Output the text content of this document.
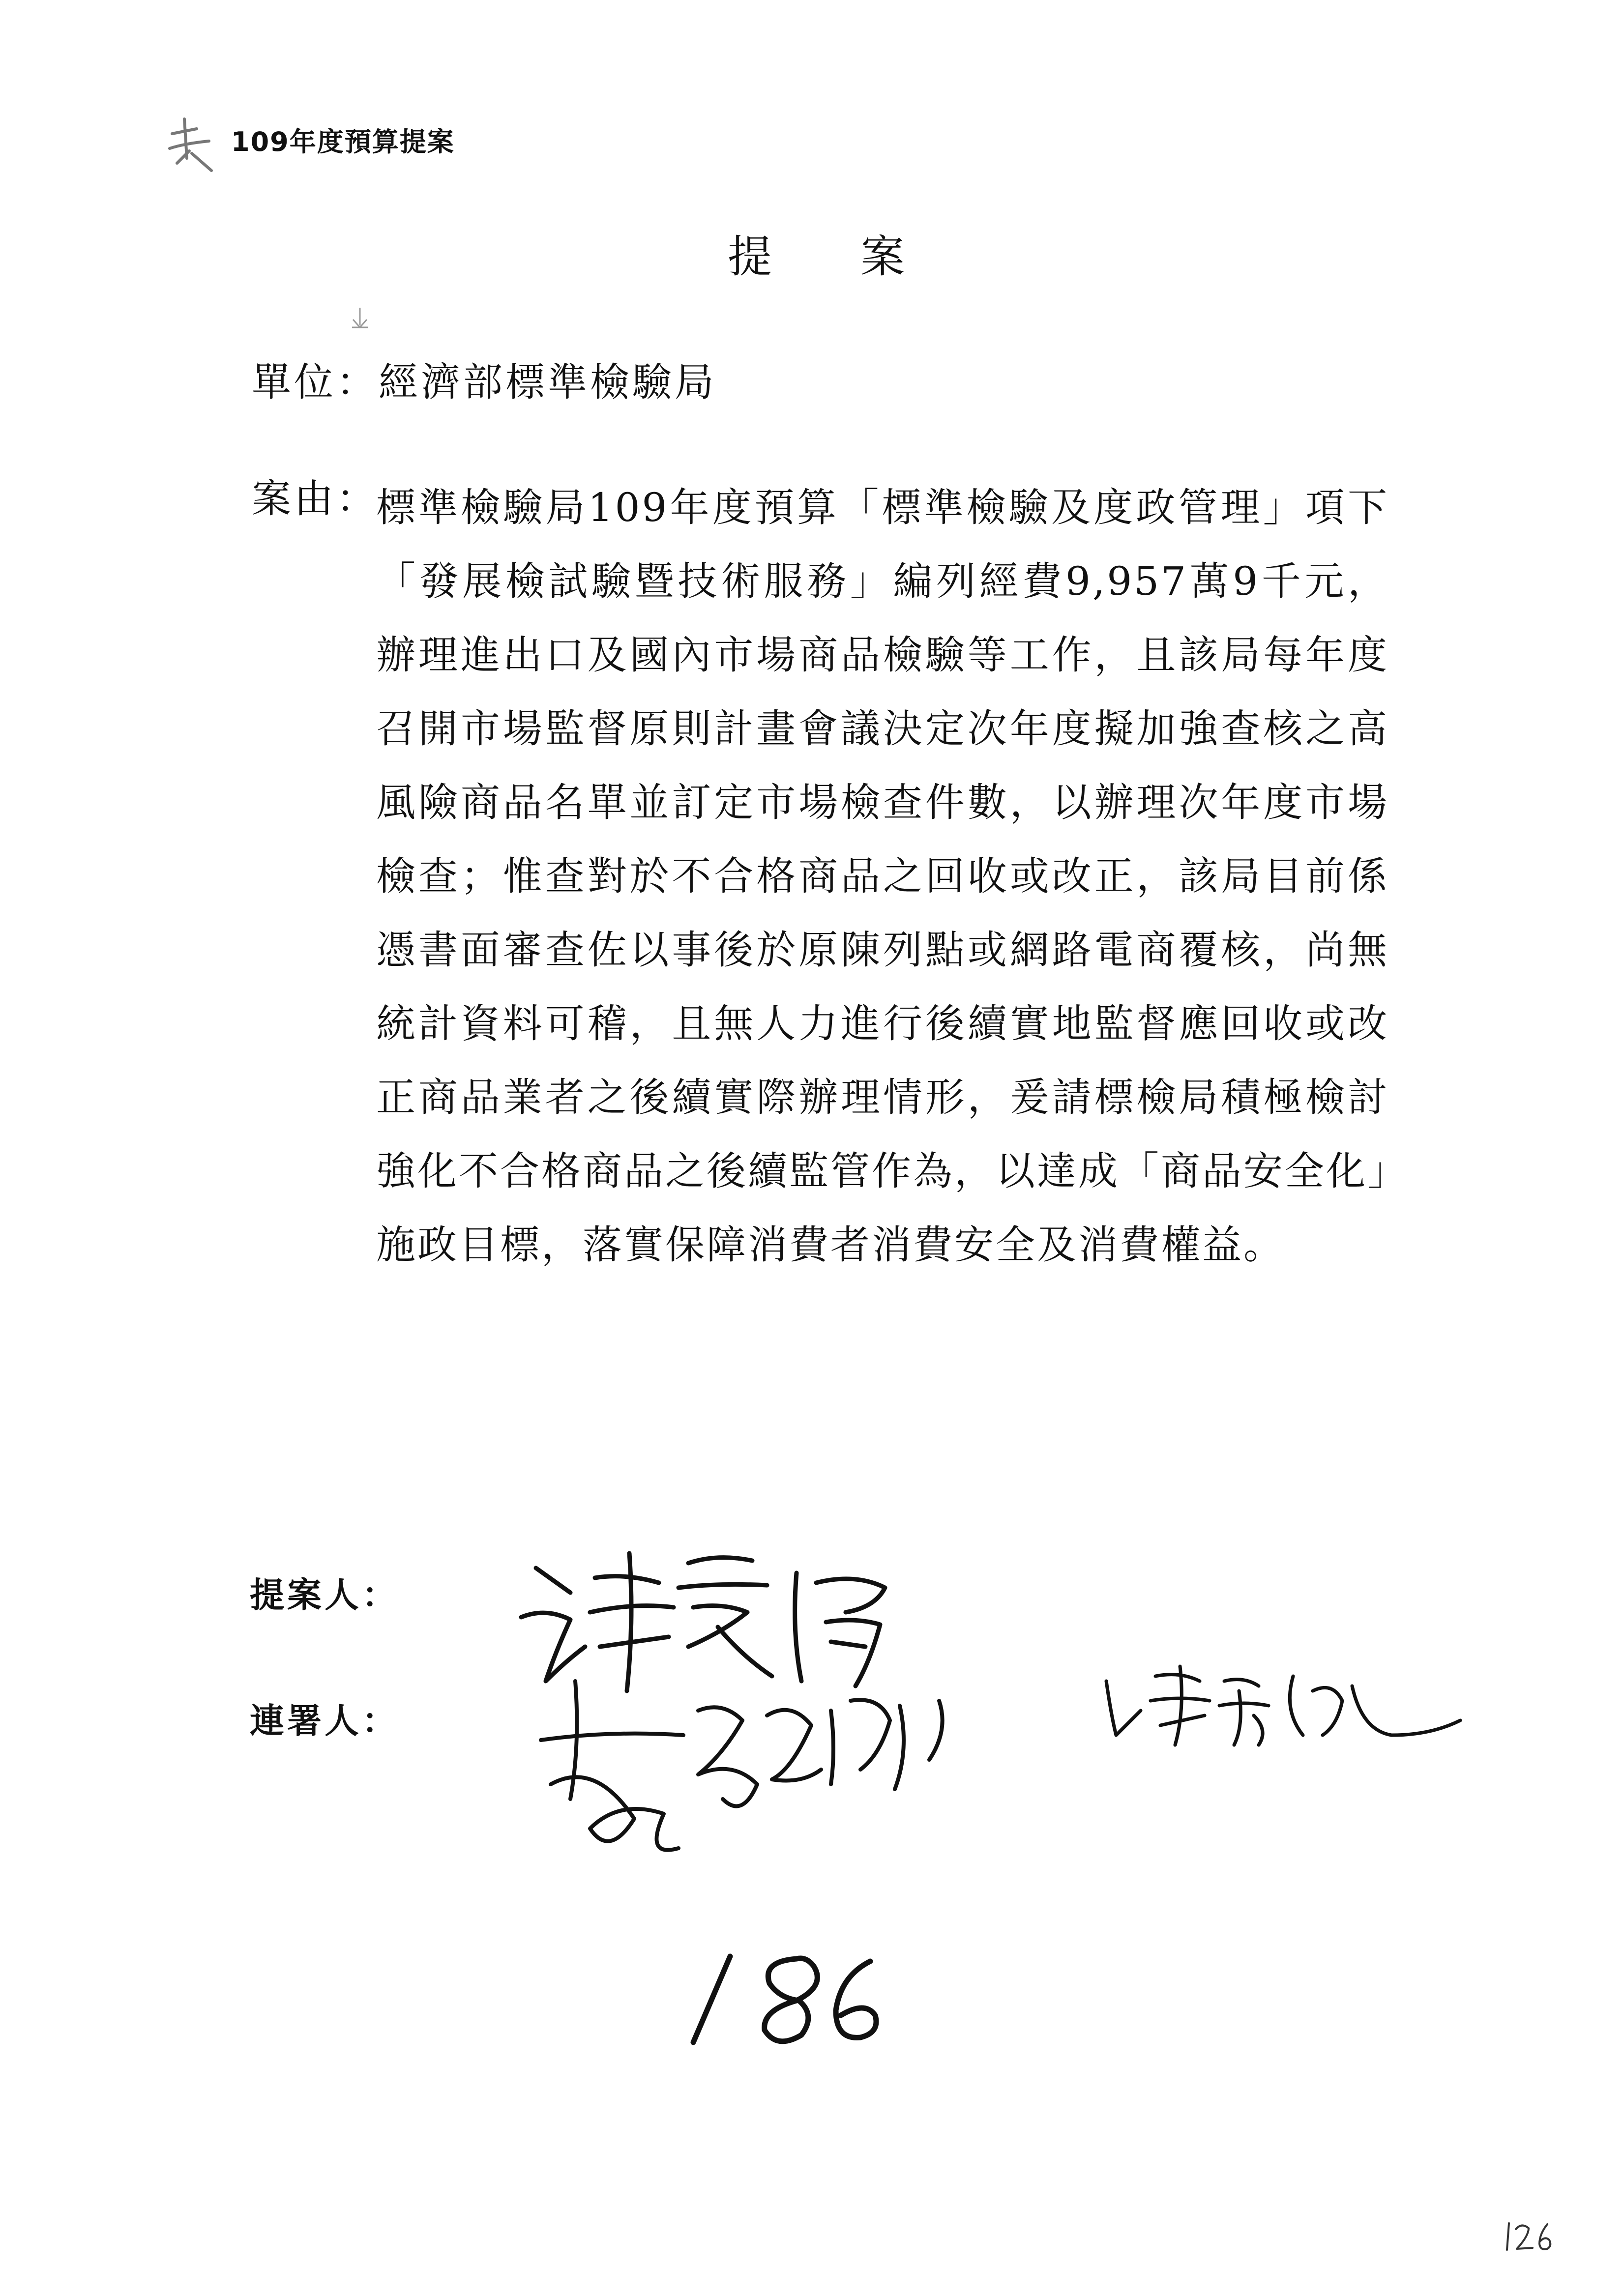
109年度預算提案
提案
單位：經濟部標準檢驗局
案由：
標準檢驗局109年度預算「標準檢驗及度政管理」項下「發展檢試驗暨技術服務」編列經費9,957萬9千元，辦理進出口及國內市場商品檢驗等工作，且該局每年度召開市場監督原則計畫會議決定次年度擬加強查核之高風險商品名單並訂定市場檢查件數，以辦理次年度市場檢查；惟查對於不合格商品之回收或改正，該局目前係憑書面審查佐以事後於原陳列點或網路電商覆核，尚無統計資料可稽，且無人力進行後續實地監督應回收或改正商品業者之後續實際辦理情形，爰請標檢局積極檢討強化不合格商品之後續監管作為，以達成「商品安全化」施政目標，落實保障消費者消費安全及消費權益。
提案人：
連署人：
